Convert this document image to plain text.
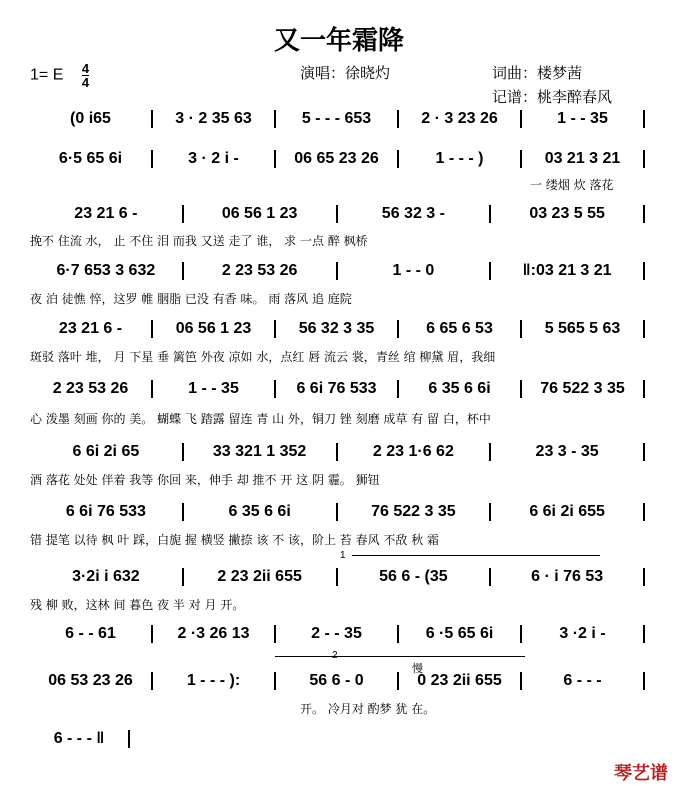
又一年霜降
1= E $\frac{4}{4}$	演唱：徐晓灼	词曲：楼梦茜
记谱：桃李醉春风
(0 i65	3 · 2 35 63	5 - - - 653	2 · 3 23 26	1 - - 35
6·5 65 6i	3 · 2 i -	06 65 23 26	1 - - - )	03 21 3 21
一 缕烟 炊 落花
23 21 6 -	06 56 1 23	56 32 3 -	03 23 5 55
挽不 住流 水， 止 不住 泪 而我 又送 走了 谁， 求 一点 醉 枫桥
6·7 653 3 632	2 23 53 26	1 - - 0	‖:03 21 3 21
夜 泊 徒憔 悴，这罗 帷 胭脂 已没 有香 味。 雨 落风 追 庭院
23 21 6 -	06 56 1 23	56 32 3 35	6 65 6 53	5 565 5 63
斑驳 落叶 堆， 月 下星 垂 篱笆 外夜 凉如 水，点红 唇 流云 裳，青丝 绾 柳黛 眉，我细
2 23 53 26	1 - - 35	6 6i 76 533	6 35 6 6i	76 522 3 35
心 泼墨 刻画 你的 美。 蝴蝶 飞 踏露 留连 青 山 外，铜刀 锉 刻磨 成草 有 留 白，杯中
6 6i 2i 65	33 321 1 352	2 23 1·6 62	23 3 - 35
酒 落花 处处 伴着 我等 你回 来，伸手 却 推不 开 这 阴 霾。 狮钮
6 6i 76 533	6 35 6 6i	76 522 3 35	6 6i 2i 655
错 提笔 以待 枫 叶 踩，白旎 握 横竖 撇捺 该 不 该，阶上 苔 春风 不敌 秋 霜
3·2i i 632	2 23 2ii 655	56 6 - (35	6 · i 76 53
残 柳 败，这林 间 暮色 夜 半 对 月 开。
6 - - 61	2 ·3 26 13	2 - - 35	6 ·5 65 6i	3 ·2 i -
06 53 23 26	1 - - - ):	56 6 - 0	0 23 2ii 655	6 - - -
开。 冷月对 酌梦 犹 在。
6 - - - ‖
1
2
慢
琴艺谱
